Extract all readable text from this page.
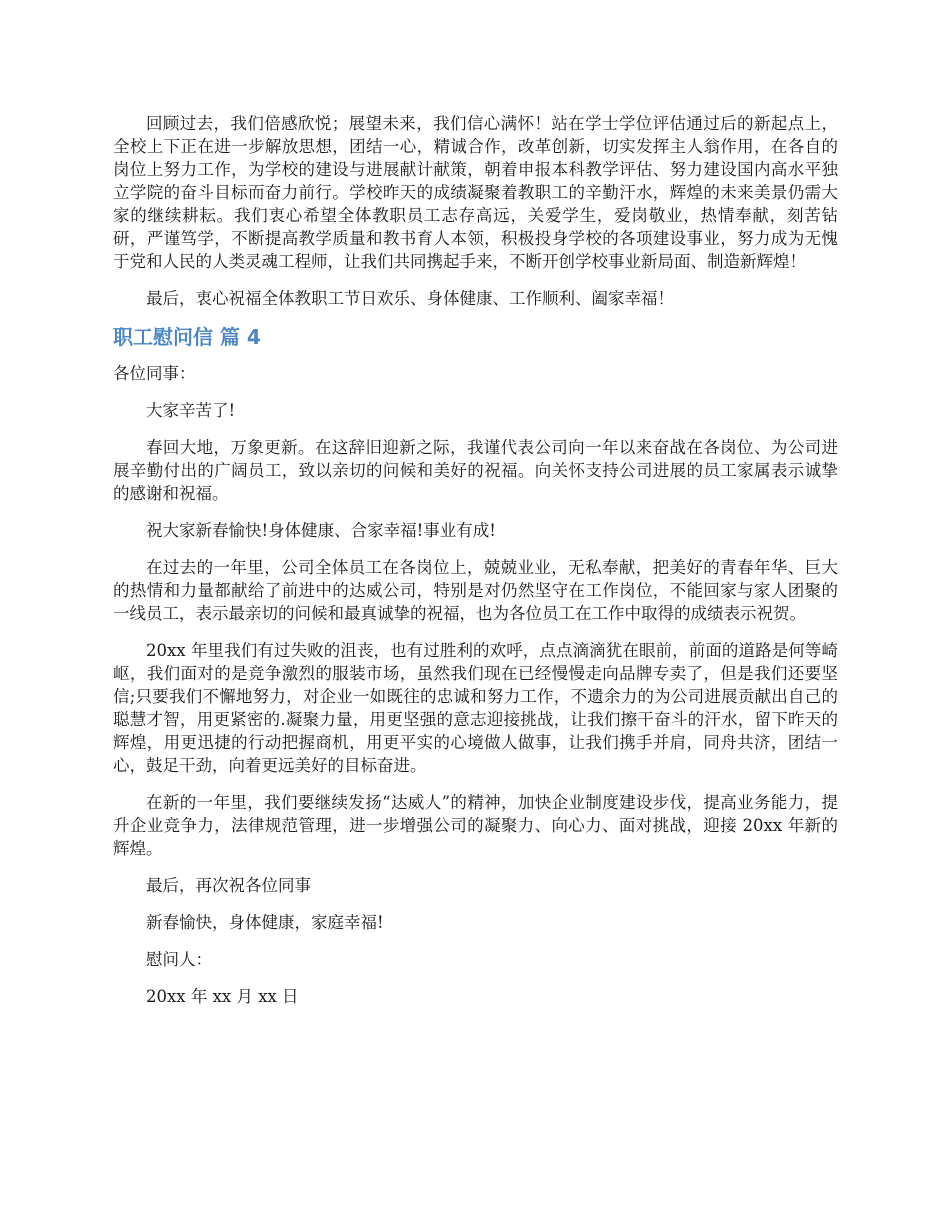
回顾过去，我们倍感欣悦；展望未来，我们信心满怀！站在学士学位评估通过后的新起点上，全校上下正在进一步解放思想，团结一心，精诚合作，改革创新，切实发挥主人翁作用，在各自的岗位上努力工作，为学校的建设与进展献计献策，朝着申报本科教学评估、努力建设国内高水平独立学院的奋斗目标而奋力前行。学校昨天的成绩凝聚着教职工的辛勤汗水，辉煌的未来美景仍需大家的继续耕耘。我们衷心希望全体教职员工志存高远，关爱学生，爱岗敬业，热情奉献，刻苦钻研，严谨笃学，不断提高教学质量和教书育人本领，积极投身学校的各项建设事业，努力成为无愧于党和人民的人类灵魂工程师，让我们共同携起手来，不断开创学校事业新局面、制造新辉煌！

最后，衷心祝福全体教职工节日欢乐、身体健康、工作顺利、阖家幸福！

职工慰问信 篇 4

各位同事：

大家辛苦了!

春回大地，万象更新。在这辞旧迎新之际，我谨代表公司向一年以来奋战在各岗位、为公司进展辛勤付出的广阔员工，致以亲切的问候和美好的祝福。向关怀支持公司进展的员工家属表示诚挚的感谢和祝福。

祝大家新春愉快!身体健康、合家幸福!事业有成!

在过去的一年里，公司全体员工在各岗位上，兢兢业业，无私奉献，把美好的青春年华、巨大的热情和力量都献给了前进中的达威公司，特别是对仍然坚守在工作岗位，不能回家与家人团聚的一线员工，表示最亲切的问候和最真诚挚的祝福，也为各位员工在工作中取得的成绩表示祝贺。

20xx 年里我们有过失败的沮丧，也有过胜利的欢呼，点点滴滴犹在眼前，前面的道路是何等崎岖，我们面对的是竞争激烈的服装市场，虽然我们现在已经慢慢走向品牌专卖了，但是我们还要坚信;只要我们不懈地努力，对企业一如既往的忠诚和努力工作，不遗余力的为公司进展贡献出自己的聪慧才智，用更紧密的.凝聚力量，用更坚强的意志迎接挑战，让我们擦干奋斗的汗水，留下昨天的辉煌，用更迅捷的行动把握商机，用更平实的心境做人做事，让我们携手并肩，同舟共济，团结一心，鼓足干劲，向着更远美好的目标奋进。

在新的一年里，我们要继续发扬“达威人”的精神，加快企业制度建设步伐，提高业务能力，提升企业竞争力，法律规范管理，进一步增强公司的凝聚力、向心力、面对挑战，迎接 20xx 年新的辉煌。

最后，再次祝各位同事

新春愉快，身体健康，家庭幸福!

慰问人：

20xx 年 xx 月 xx 日
